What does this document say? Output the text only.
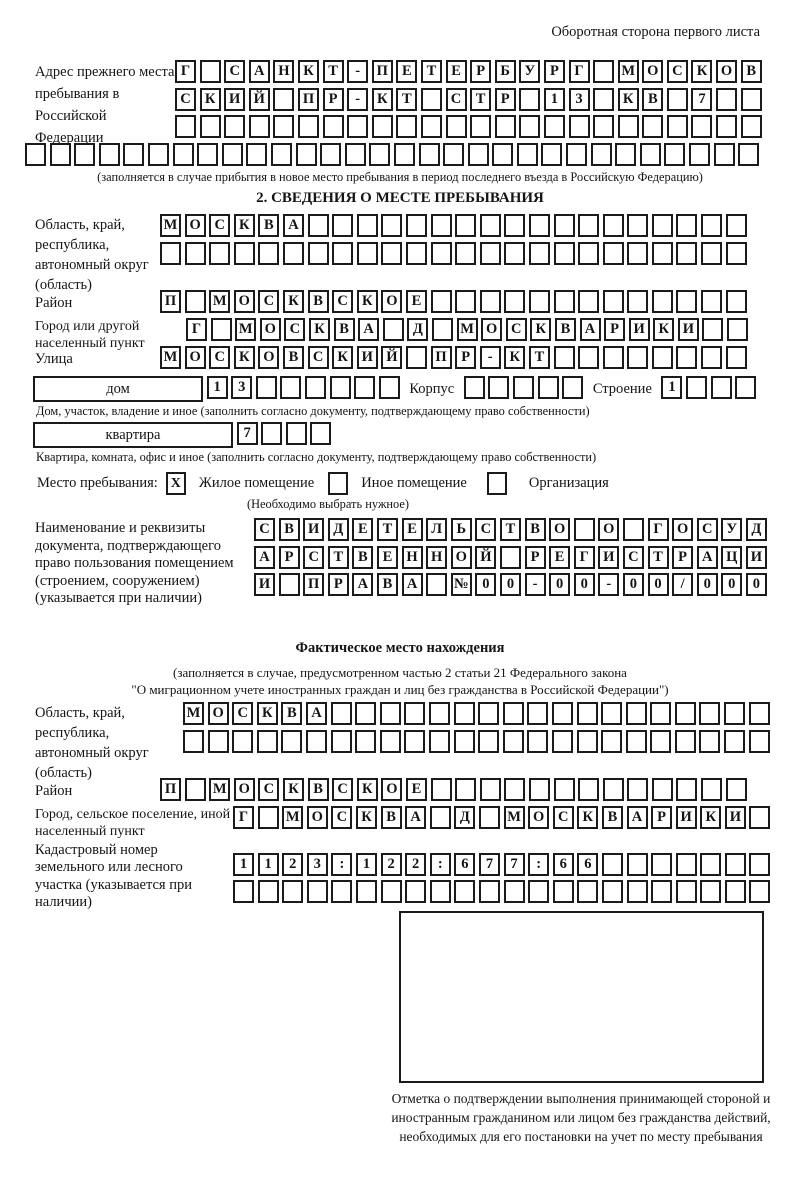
Оборотная сторона первого листа
Адрес прежнего места пребывания в Российской Федерации
Г	С А Н К	Т	-	П Е	Т	Е	Р	Б У	Р	Г	М О С К О В
С К И Й	П	Р	-	К	Т	С	Т	Р	1	3	К	В	7
(заполняется в случае прибытия в новое место пребывания в период последнего въезда в Российскую Федерацию)
2. СВЕДЕНИЯ О МЕСТЕ ПРЕБЫВАНИЯ
Область, край, республика, автономный округ (область)
М О С К	В	А
Район	П	М О С К	В	С К О Е
Город или другой населенный пункт
Г	М О С К	В	А	Д	М О С К	В	А	Р	И К И
Улица	М О С К О В	С К И Й	П	Р	-	К	Т
дом	1	3	Корпус	Строение	1
Дом, участок, владение и иное (заполнить согласно документу, подтверждающему право собственности)
квартира	7
Квартира, комната, офис и иное (заполнить согласно документу, подтверждающему право собственности)
Место пребывания: X	Жилое помещение	Иное помещение	Организация
(Необходимо выбрать нужное)
Наименование и реквизиты документа, подтверждающего право пользования помещением (строением, сооружением) (указывается при наличии)
С	В И Д	Е	Т	Е Л Ь	С	Т	В О	О	Г О С У Д
А	Р	С	Т	В	Е Н Н О Й	Р	Е	Г И С	Т	Р	А Ц И
И	П	Р	А	В	А	№ 0	0	-	0	0	-	0	0	/	0	0	0
Фактическое место нахождения
(заполняется в случае, предусмотренном частью 2 статьи 21 Федерального закона
"О миграционном учете иностранных граждан и лиц без гражданства в Российской Федерации")
Область, край, республика, автономный округ (область)
М О С К	В	А
Район	П	М О С К	В	С К О Е
Город, сельское поселение, иной населенный пункт
Г	М О С К	В	А	Д	М О С К	В	А	Р	И К И
Кадастровый номер земельного или лесного участка (указывается при наличии)
1	1	2	3	:	1	2	2	:	6	7	7	:	6	6
Отметка о подтверждении выполнения принимающей стороной и иностранным гражданином или лицом без гражданства действий, необходимых для его постановки на учет по месту пребывания
